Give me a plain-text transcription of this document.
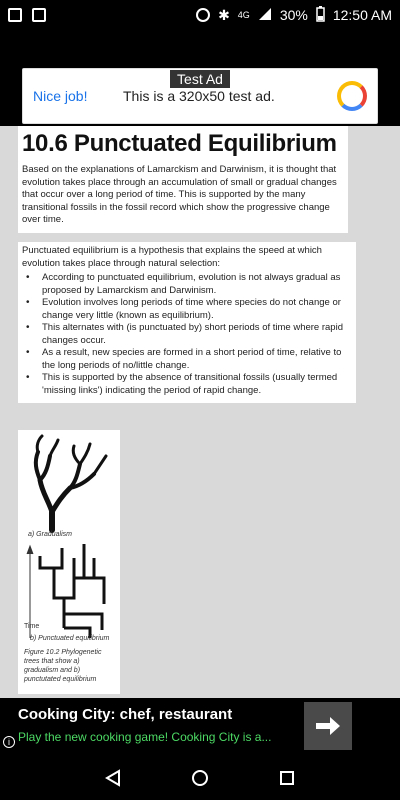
✱ 4G 30% 12:50 AM
Nice job!	This is a 320x50 test ad.
Test Ad
10.6 Punctuated Equilibrium
Based on the explanations of Lamarckism and Darwinism, it is thought that evolution takes place through an accumulation of small or gradual changes that occur over a long period of time. This is supported by the many transitional fossils in the fossil record which show the progressive change over time.
Punctuated equilibrium is a hypothesis that explains the speed at which evolution takes place through natural selection:
• According to punctuated equilibrium, evolution is not always gradual as proposed by Lamarckism and Darwinism.
• Evolution involves long periods of time where species do not change or change very little (known as equilibrium).
• This alternates with (is punctuated by) short periods of time where rapid changes occur.
• As a result, new species are formed in a short period of time, relative to the long periods of no/little change.
• This is supported by the absence of transitional fossils (usually termed 'missing links') indicating the period of rapid change.
a) Gradualism
Time
b) Punctuated equilibrium
Figure 10.2 Phylogenetic trees that show a) gradualism and b) punctutated equilibrium
Cooking City: chef, restaurant
i Play the new cooking game! Cooking City is a...
